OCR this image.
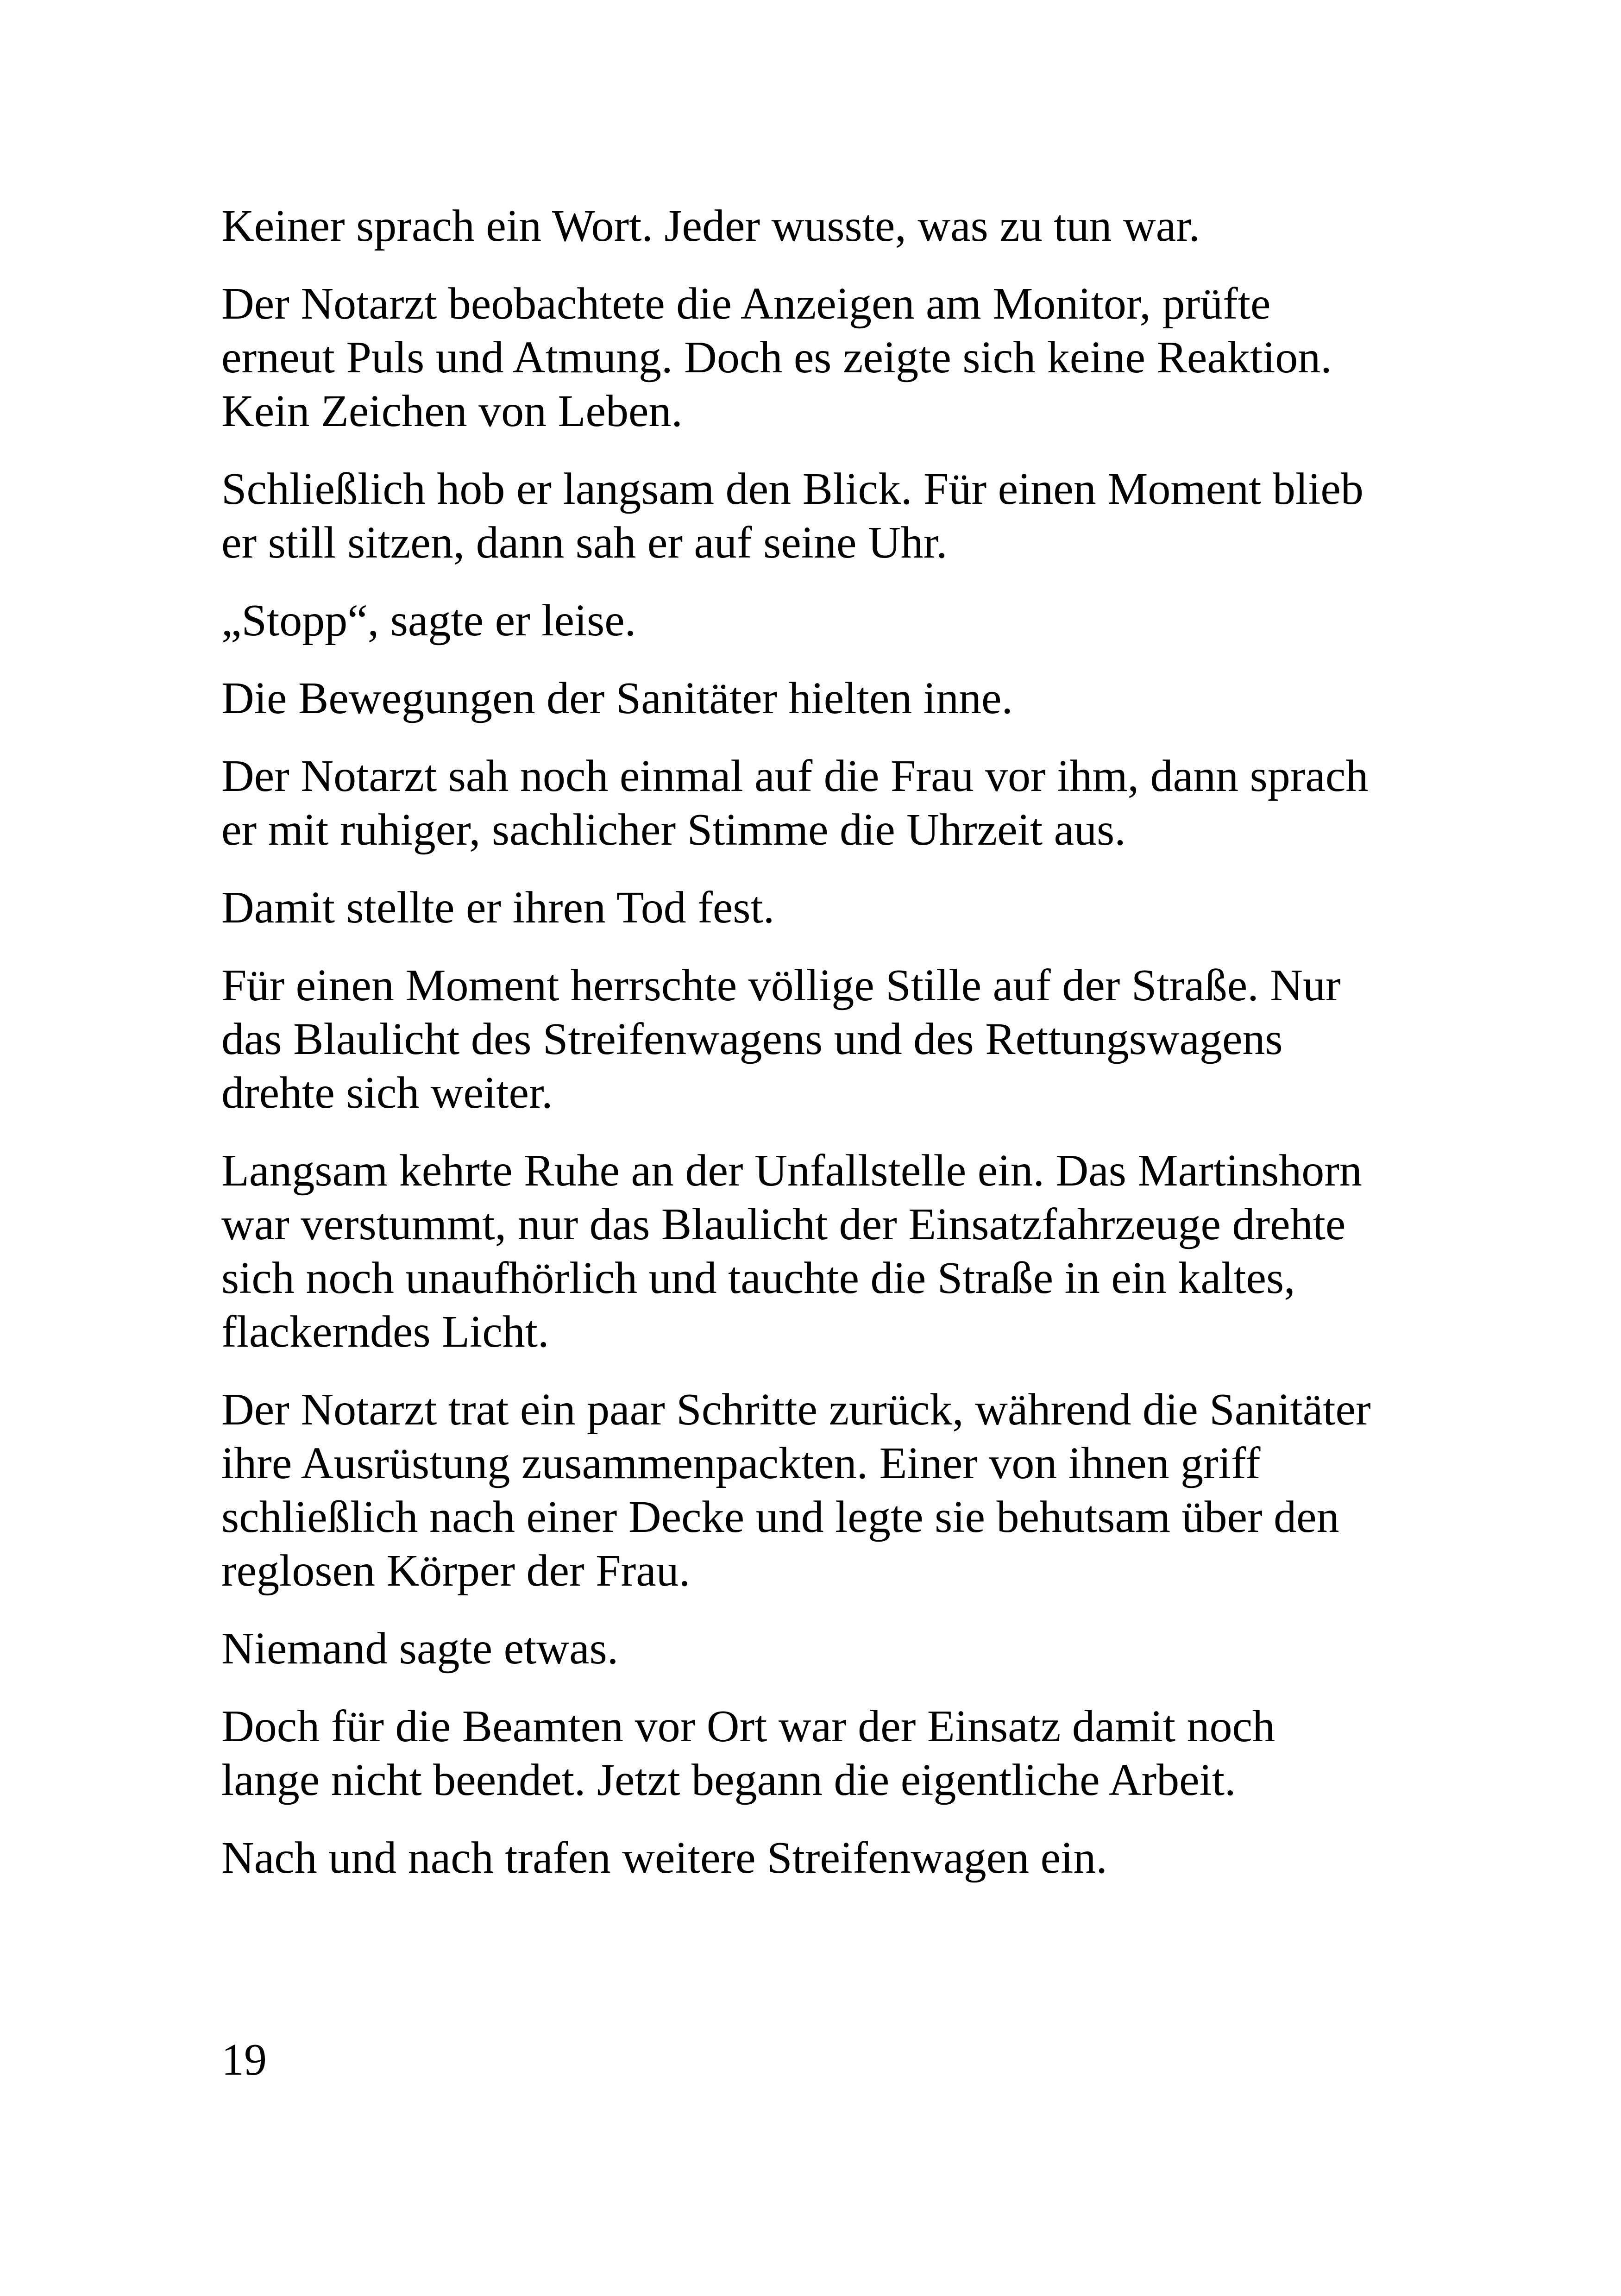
Keiner sprach ein Wort. Jeder wusste, was zu tun war.

Der Notarzt beobachtete die Anzeigen am Monitor, prüfte
erneut Puls und Atmung. Doch es zeigte sich keine Reaktion.
Kein Zeichen von Leben.

Schließlich hob er langsam den Blick. Für einen Moment blieb
er still sitzen, dann sah er auf seine Uhr.

„Stopp“, sagte er leise.

Die Bewegungen der Sanitäter hielten inne.

Der Notarzt sah noch einmal auf die Frau vor ihm, dann sprach
er mit ruhiger, sachlicher Stimme die Uhrzeit aus.

Damit stellte er ihren Tod fest.

Für einen Moment herrschte völlige Stille auf der Straße. Nur
das Blaulicht des Streifenwagens und des Rettungswagens
drehte sich weiter.

Langsam kehrte Ruhe an der Unfallstelle ein. Das Martinshorn
war verstummt, nur das Blaulicht der Einsatzfahrzeuge drehte
sich noch unaufhörlich und tauchte die Straße in ein kaltes,
flackerndes Licht.

Der Notarzt trat ein paar Schritte zurück, während die Sanitäter
ihre Ausrüstung zusammenpackten. Einer von ihnen griff
schließlich nach einer Decke und legte sie behutsam über den
reglosen Körper der Frau.

Niemand sagte etwas.

Doch für die Beamten vor Ort war der Einsatz damit noch
lange nicht beendet. Jetzt begann die eigentliche Arbeit.

Nach und nach trafen weitere Streifenwagen ein.

19
